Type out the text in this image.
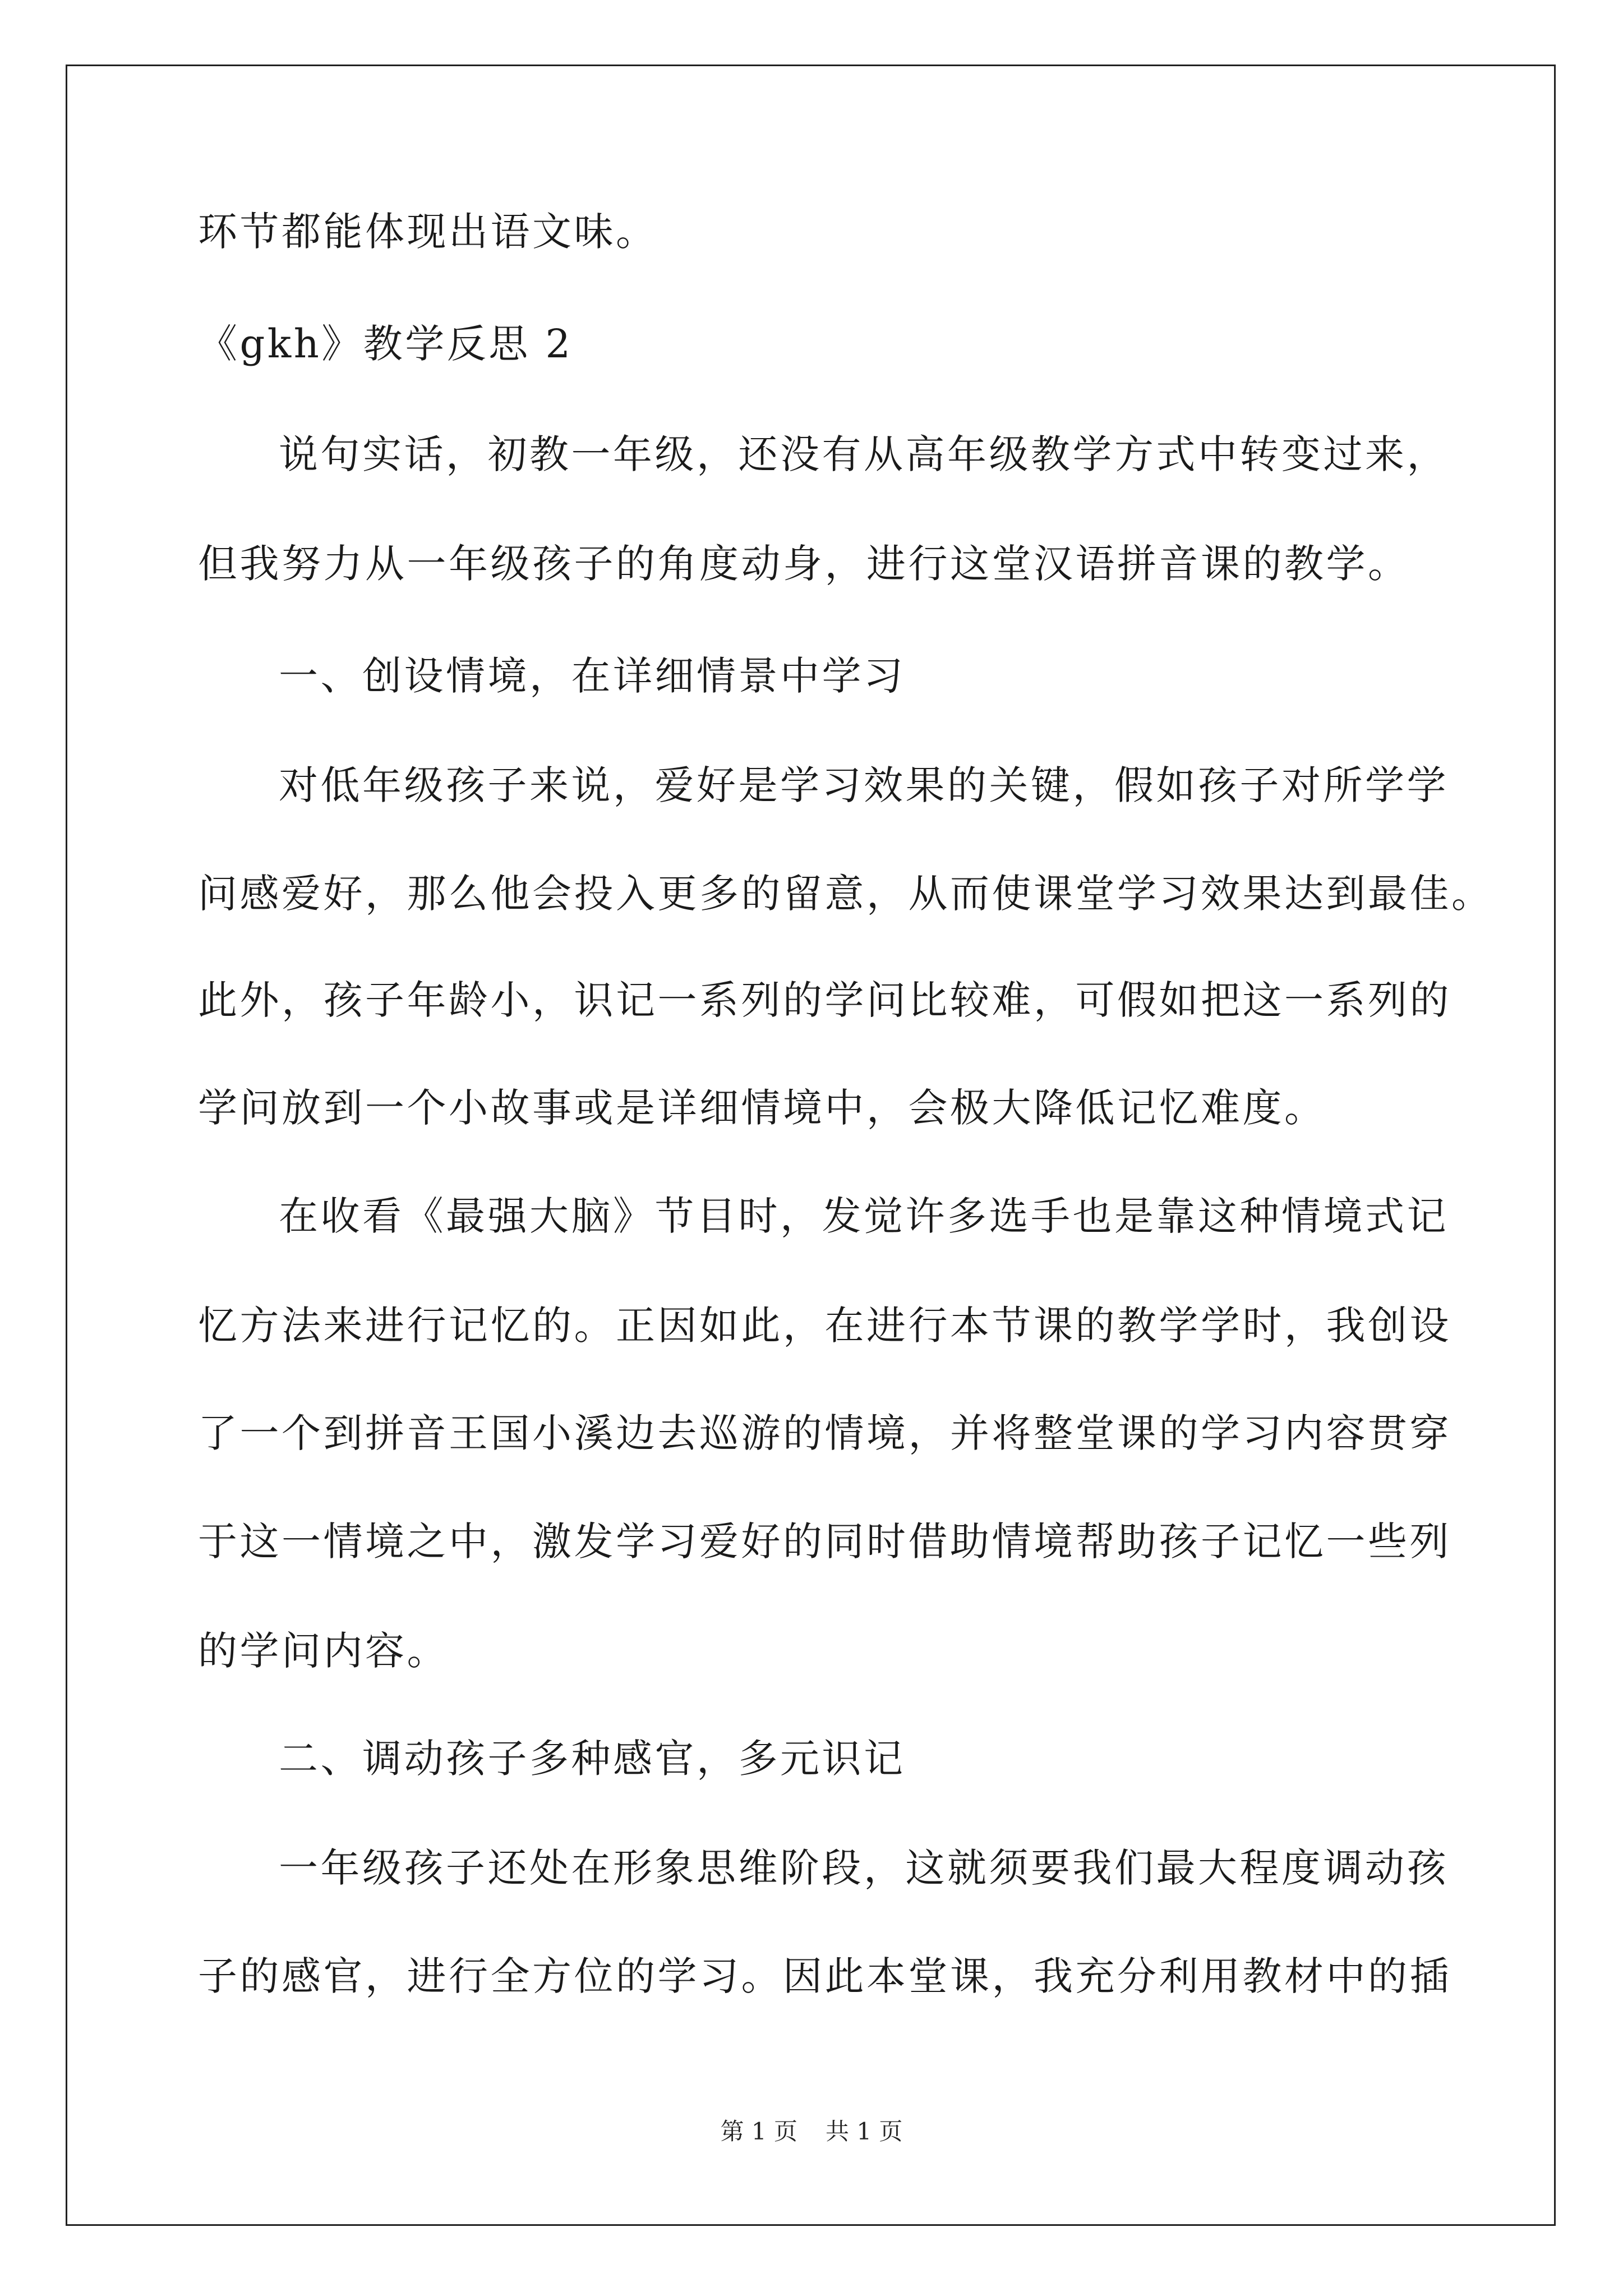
环节都能体现出语文味。
《gkh》教学反思 2
说句实话，初教一年级，还没有从高年级教学方式中转变过来，
但我努力从一年级孩子的角度动身，进行这堂汉语拼音课的教学。
一、创设情境，在详细情景中学习
对低年级孩子来说，爱好是学习效果的关键，假如孩子对所学学
问感爱好，那么他会投入更多的留意，从而使课堂学习效果达到最佳。
此外，孩子年龄小，识记一系列的学问比较难，可假如把这一系列的
学问放到一个小故事或是详细情境中，会极大降低记忆难度。
在收看《最强大脑》节目时，发觉许多选手也是靠这种情境式记
忆方法来进行记忆的。正因如此，在进行本节课的教学学时，我创设
了一个到拼音王国小溪边去巡游的情境，并将整堂课的学习内容贯穿
于这一情境之中，激发学习爱好的同时借助情境帮助孩子记忆一些列
的学问内容。
二、调动孩子多种感官，多元识记
一年级孩子还处在形象思维阶段，这就须要我们最大程度调动孩
子的感官，进行全方位的学习。因此本堂课，我充分利用教材中的插
第 1 页 共 1 页
